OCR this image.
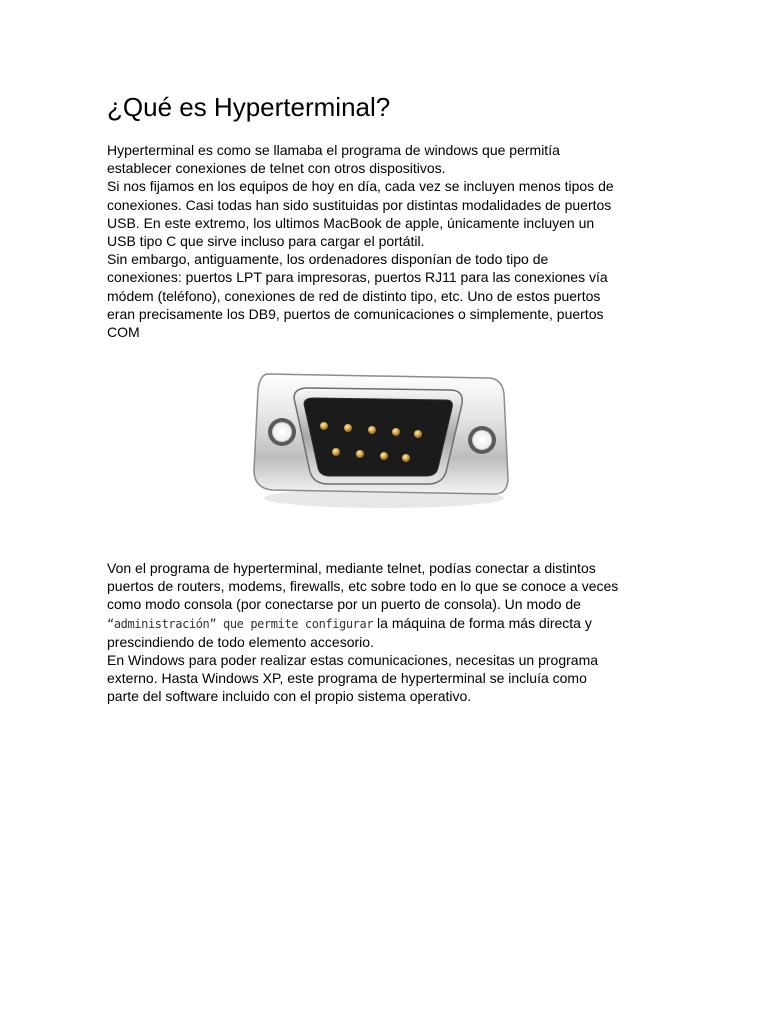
¿Qué es Hyperterminal?
Hyperterminal es como se llamaba el programa de windows que permitía
establecer conexiones de telnet con otros dispositivos.
Si nos fijamos en los equipos de hoy en día, cada vez se incluyen menos tipos de
conexiones. Casi todas han sido sustituidas por distintas modalidades de puertos
USB. En este extremo, los ultimos MacBook de apple, únicamente incluyen un
USB tipo C que sirve incluso para cargar el portátil.
Sin embargo, antiguamente, los ordenadores disponían de todo tipo de
conexiones: puertos LPT para impresoras, puertos RJ11 para las conexiones vía
módem (teléfono), conexiones de red de distinto tipo, etc. Uno de estos puertos
eran precisamente los DB9, puertos de comunicaciones o simplemente, puertos
COM
Von el programa de hyperterminal, mediante telnet, podías conectar a distintos
puertos de routers, modems, firewalls, etc sobre todo en lo que se conoce a veces
como modo consola (por conectarse por un puerto de consola). Un modo de
“administración” que permite configurar la máquina de forma más directa y
prescindiendo de todo elemento accesorio.
En Windows para poder realizar estas comunicaciones, necesitas un programa
externo. Hasta Windows XP, este programa de hyperterminal se incluía como
parte del software incluido con el propio sistema operativo.
